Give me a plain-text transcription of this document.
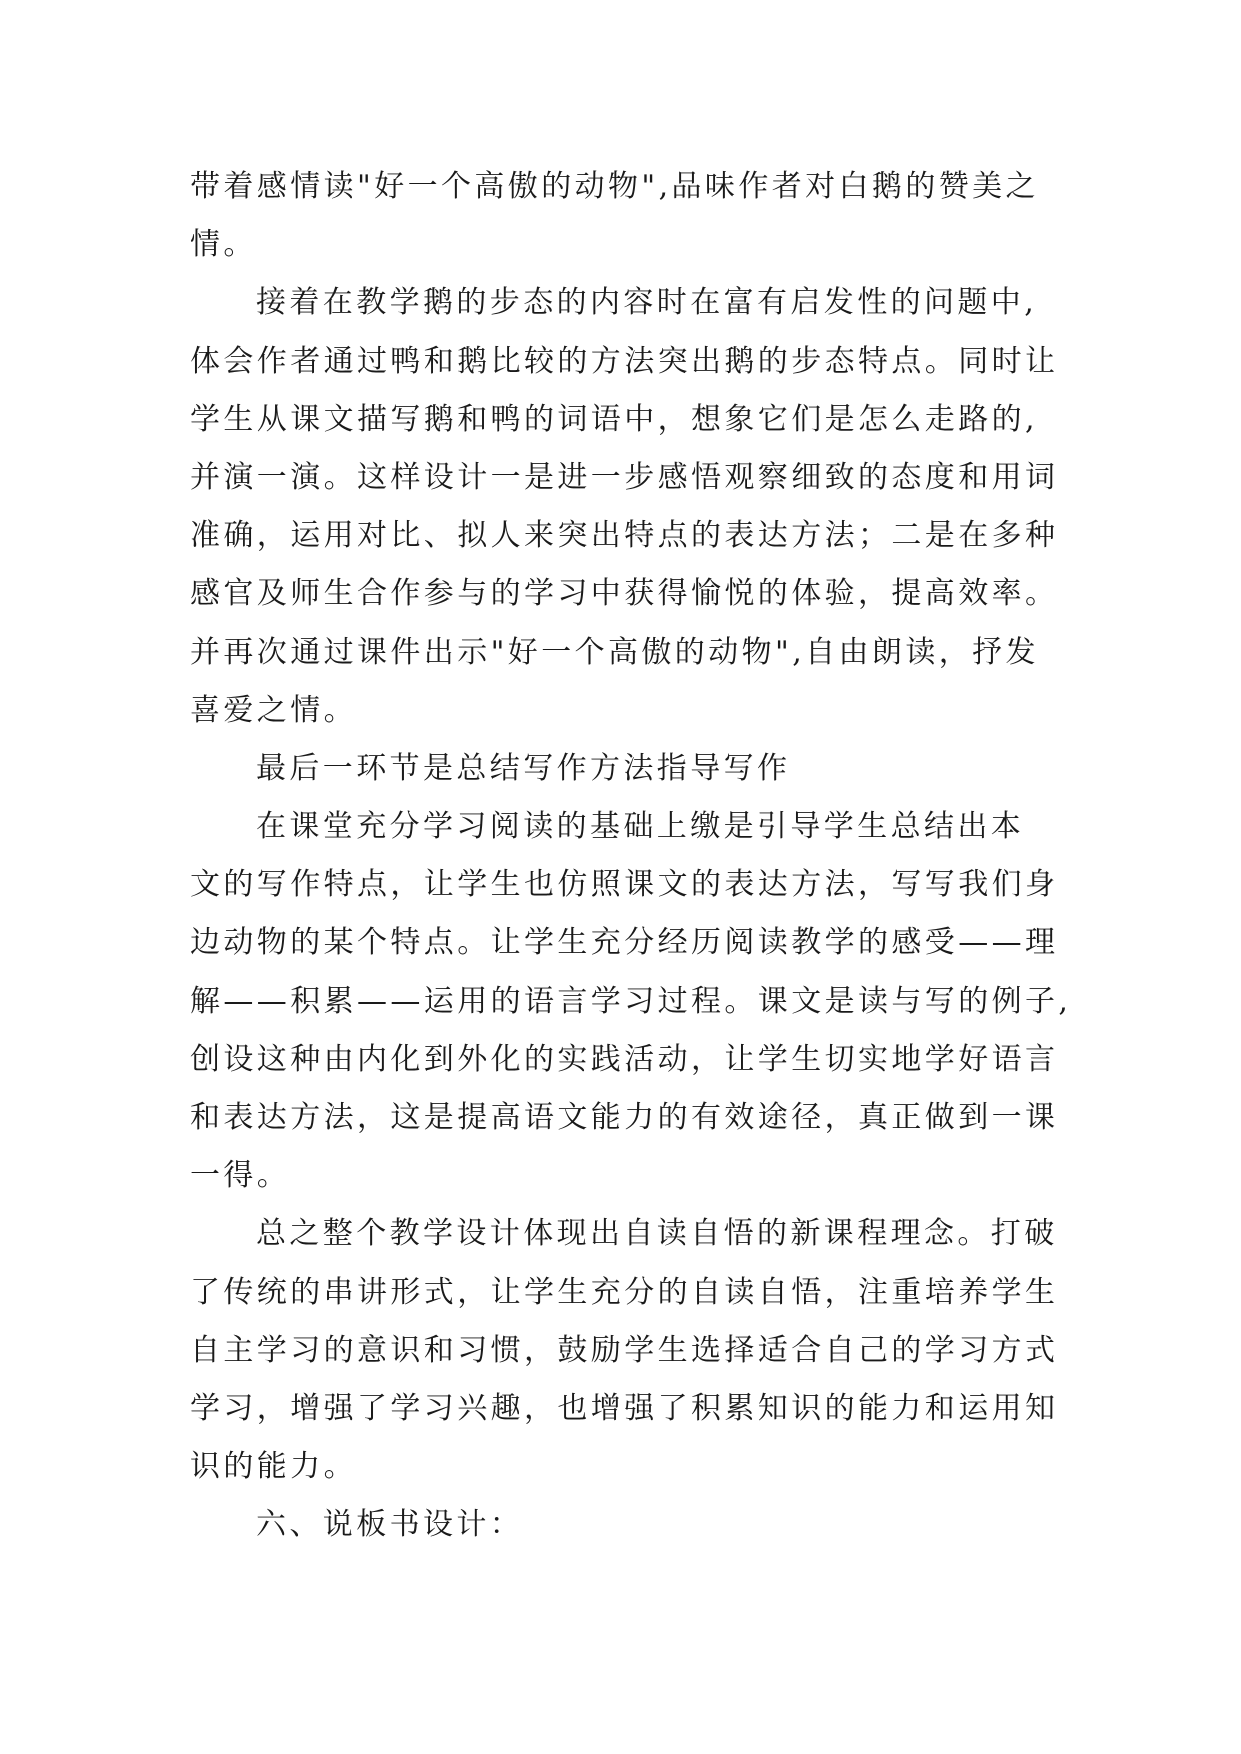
带着感情读"好一个高傲的动物",品味作者对白鹅的赞美之
情。
接着在教学鹅的步态的内容时在富有启发性的问题中,
体会作者通过鸭和鹅比较的方法突出鹅的步态特点。同时让
学生从课文描写鹅和鸭的词语中，想象它们是怎么走路的,
并演一演。这样设计一是进一步感悟观察细致的态度和用词
准确，运用对比、拟人来突出特点的表达方法；二是在多种
感官及师生合作参与的学习中获得愉悦的体验，提高效率。
并再次通过课件出示"好一个高傲的动物",自由朗读，抒发
喜爱之情。
最后一环节是总结写作方法指导写作
在课堂充分学习阅读的基础上缴是引导学生总结出本
文的写作特点，让学生也仿照课文的表达方法，写写我们身
边动物的某个特点。让学生充分经历阅读教学的感受——理
解——积累——运用的语言学习过程。课文是读与写的例子,
创设这种由内化到外化的实践活动，让学生切实地学好语言
和表达方法，这是提高语文能力的有效途径，真正做到一课
一得。
总之整个教学设计体现出自读自悟的新课程理念。打破
了传统的串讲形式，让学生充分的自读自悟，注重培养学生
自主学习的意识和习惯，鼓励学生选择适合自己的学习方式
学习，增强了学习兴趣，也增强了积累知识的能力和运用知
识的能力。
六、说板书设计：
